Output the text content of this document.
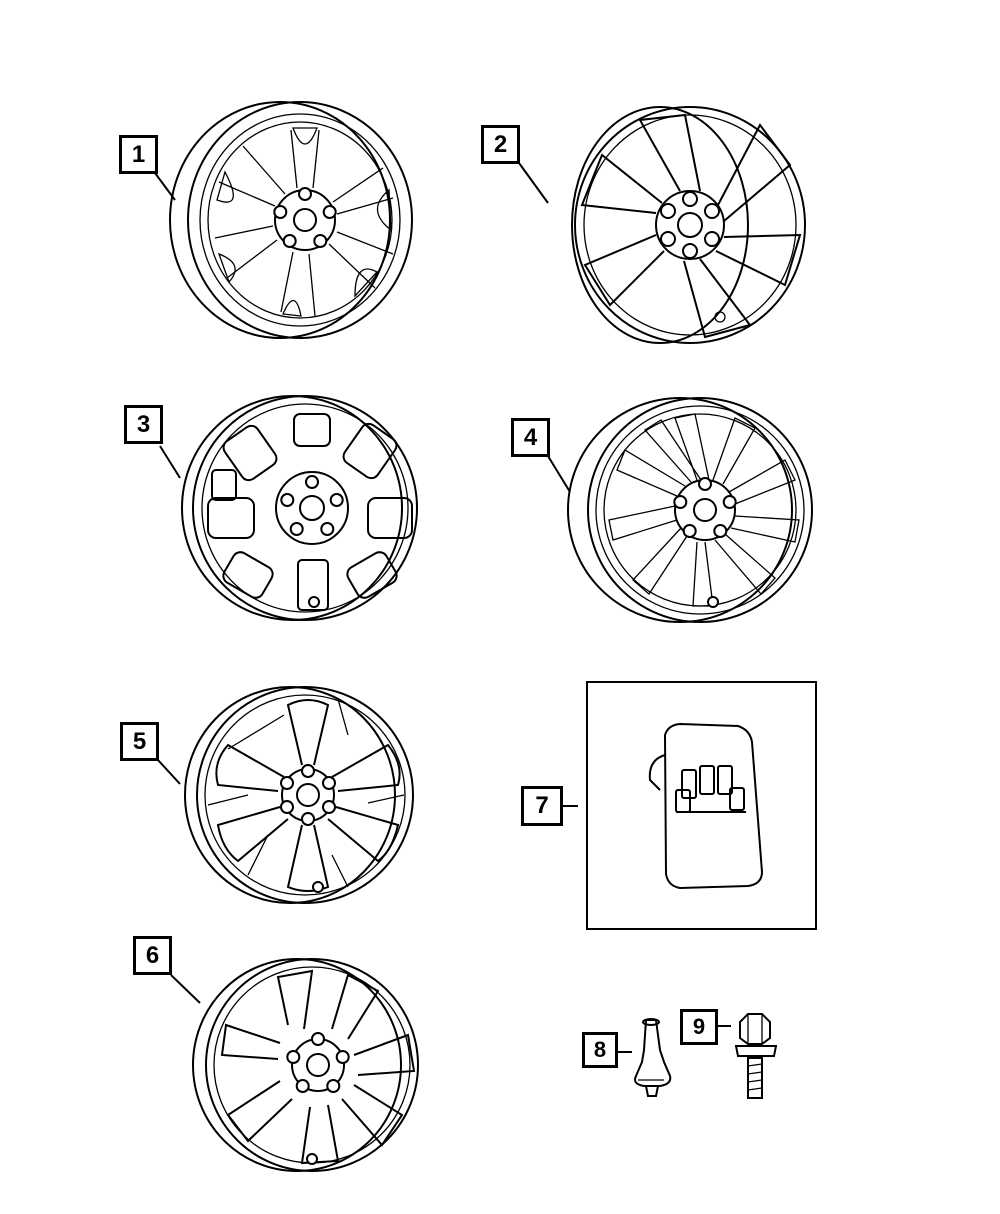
1	2
3	4
5
6
7
8
9
